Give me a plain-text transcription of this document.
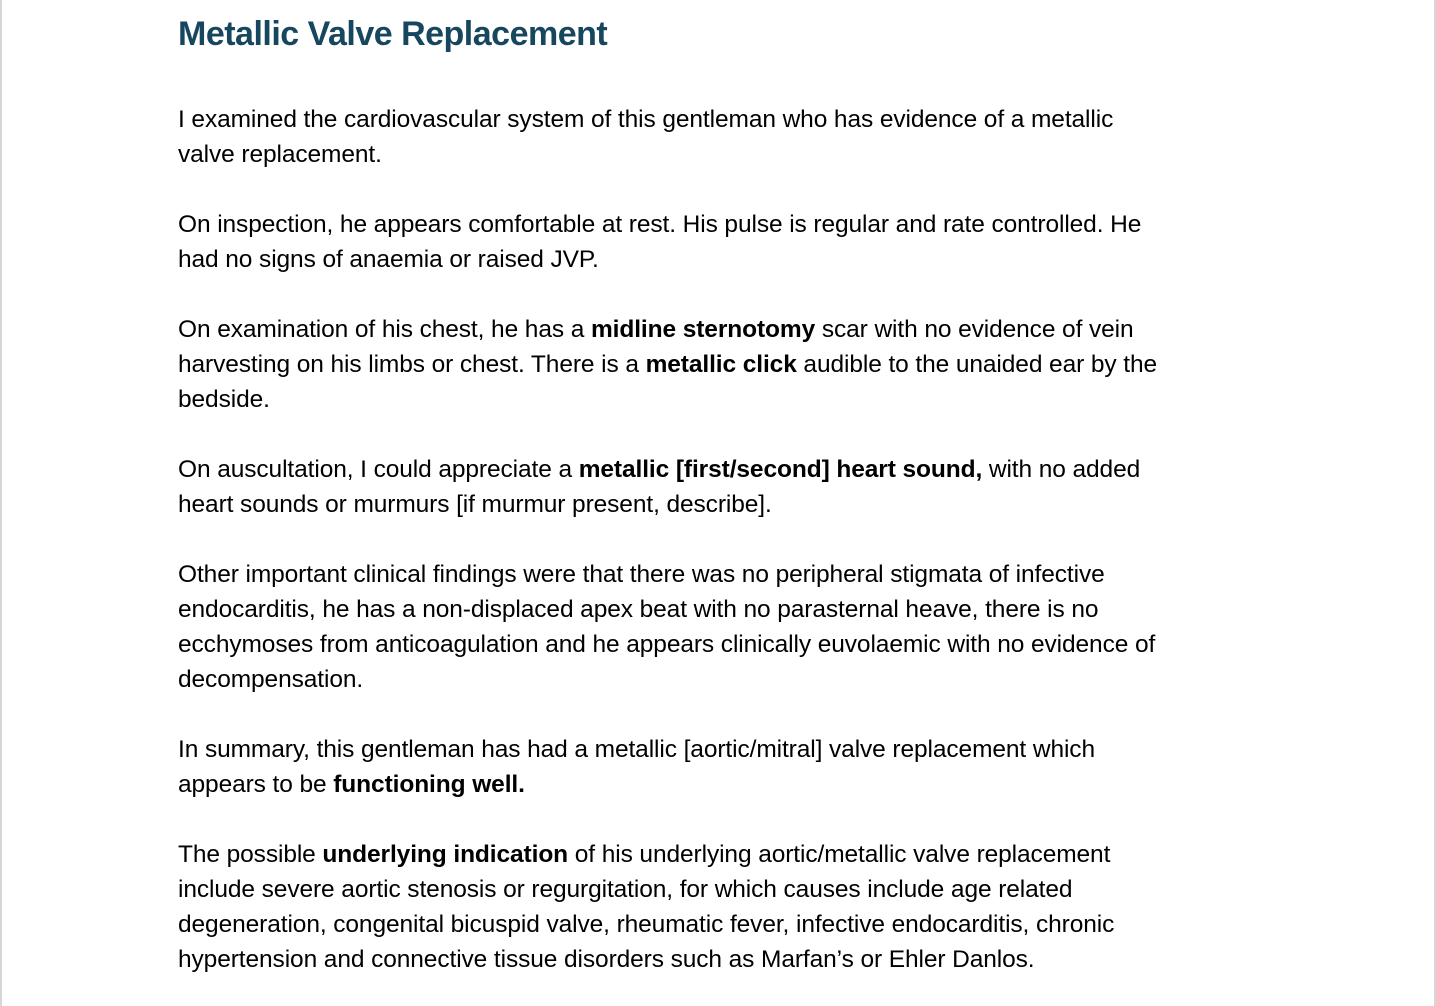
Metallic Valve Replacement

I examined the cardiovascular system of this gentleman who has evidence of a metallic
valve replacement.

On inspection, he appears comfortable at rest. His pulse is regular and rate controlled. He
had no signs of anaemia or raised JVP.

On examination of his chest, he has a midline sternotomy scar with no evidence of vein
harvesting on his limbs or chest. There is a metallic click audible to the unaided ear by the
bedside.

On auscultation, I could appreciate a metallic [first/second] heart sound, with no added
heart sounds or murmurs [if murmur present, describe].

Other important clinical findings were that there was no peripheral stigmata of infective
endocarditis, he has a non-displaced apex beat with no parasternal heave, there is no
ecchymoses from anticoagulation and he appears clinically euvolaemic with no evidence of
decompensation.

In summary, this gentleman has had a metallic [aortic/mitral] valve replacement which
appears to be functioning well.

The possible underlying indication of his underlying aortic/metallic valve replacement
include severe aortic stenosis or regurgitation, for which causes include age related
degeneration, congenital bicuspid valve, rheumatic fever, infective endocarditis, chronic
hypertension and connective tissue disorders such as Marfan’s or Ehler Danlos.
